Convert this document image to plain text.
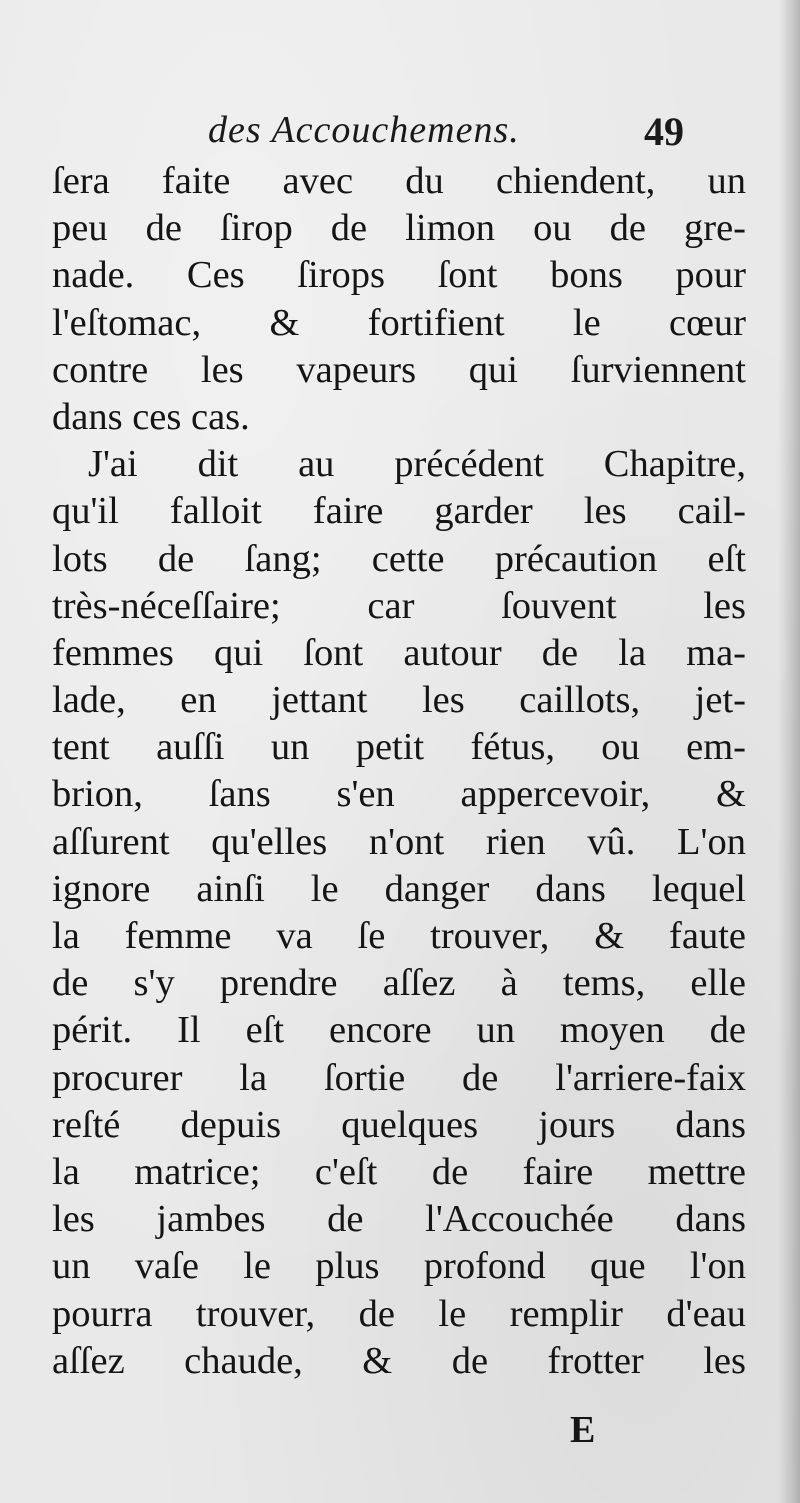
des Accouchemens.	49
ſera faite avec du chiendent, un
peu de ſirop de limon ou de gre-
nade. Ces ſirops ſont bons pour
l'eſtomac, & fortifient le cœur
contre les vapeurs qui ſurviennent
dans ces cas.
J'ai dit au précédent Chapitre,
qu'il falloit faire garder les cail-
lots de ſang; cette précaution eſt
très-néceſſaire; car ſouvent les
femmes qui ſont autour de la ma-
lade, en jettant les caillots, jet-
tent auſſi un petit fétus, ou em-
brion, ſans s'en appercevoir, &
aſſurent qu'elles n'ont rien vû. L'on
ignore ainſi le danger dans lequel
la femme va ſe trouver, & faute
de s'y prendre aſſez à tems, elle
périt. Il eſt encore un moyen de
procurer la ſortie de l'arriere-faix
reſté depuis quelques jours dans
la matrice; c'eſt de faire mettre
les jambes de l'Accouchée dans
un vaſe le plus profond que l'on
pourra trouver, de le remplir d'eau
aſſez chaude, & de frotter les
E
